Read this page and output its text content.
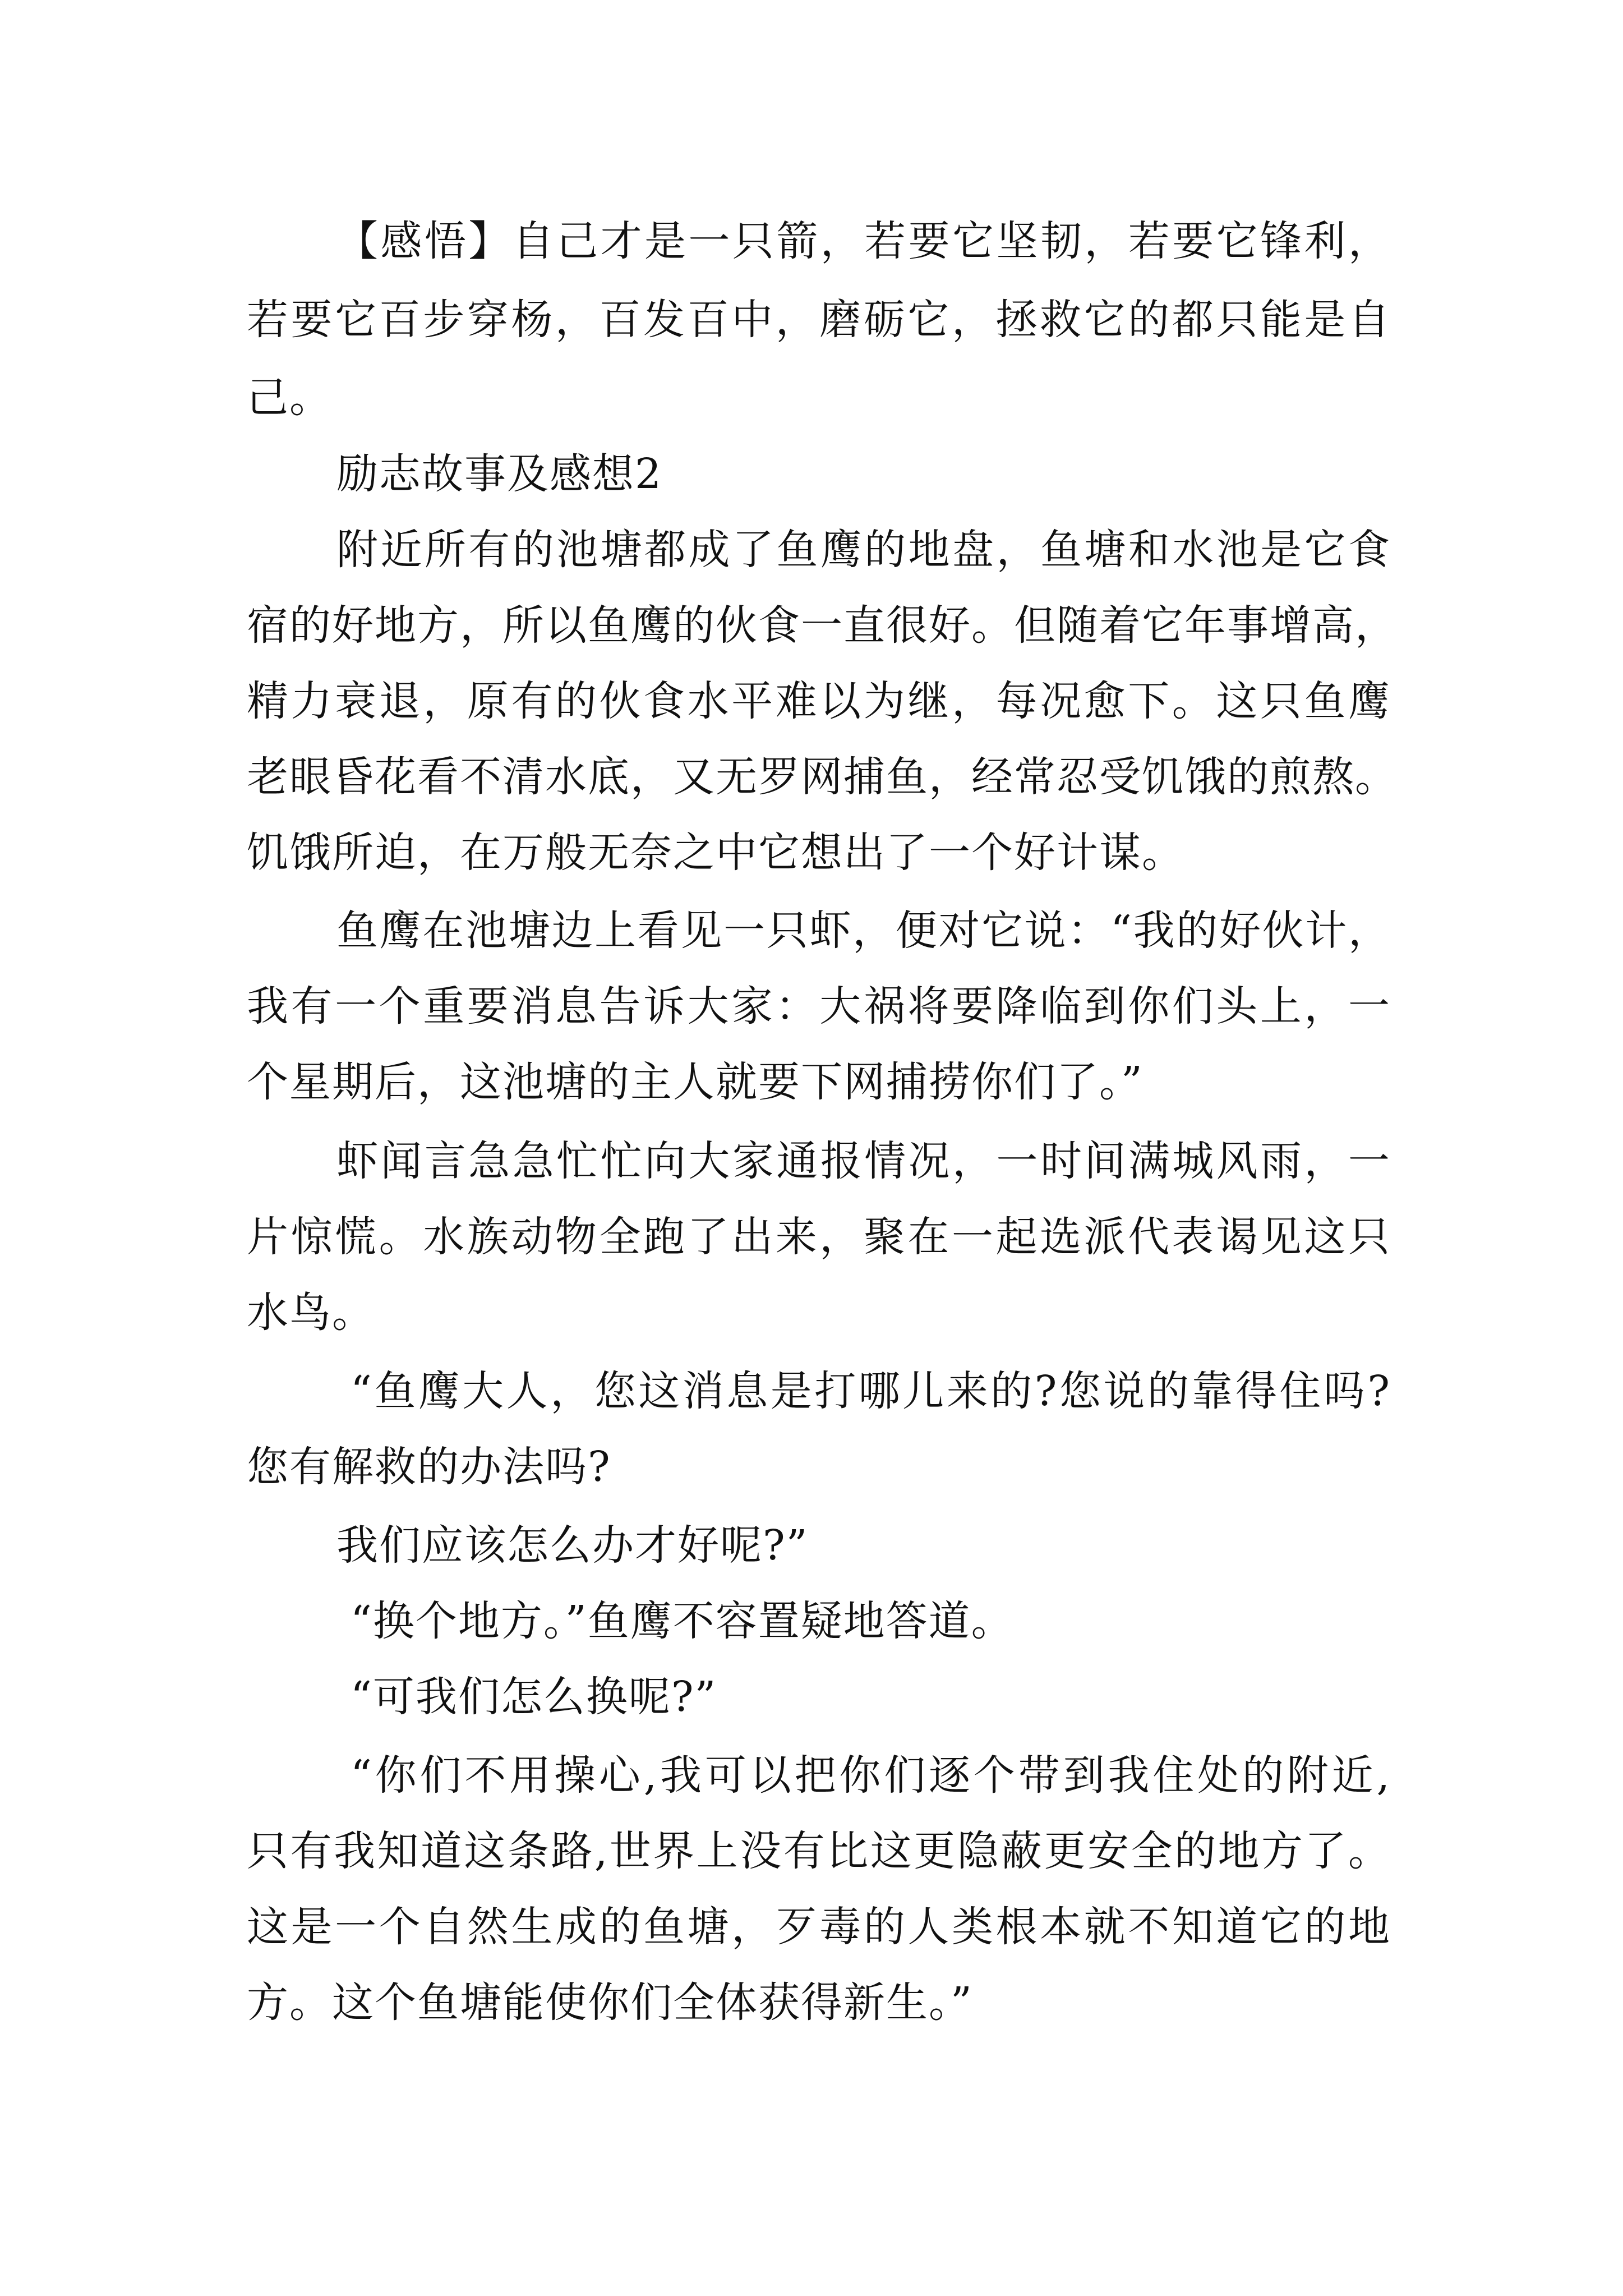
【感悟】自己才是一只箭，若要它坚韧，若要它锋利，
若要它百步穿杨，百发百中，磨砺它，拯救它的都只能是自
己。
励志故事及感想2
附近所有的池塘都成了鱼鹰的地盘，鱼塘和水池是它食
宿的好地方，所以鱼鹰的伙食一直很好。但随着它年事增高，
精力衰退，原有的伙食水平难以为继，每况愈下。这只鱼鹰
老眼昏花看不清水底，又无罗网捕鱼，经常忍受饥饿的煎熬。
饥饿所迫，在万般无奈之中它想出了一个好计谋。
鱼鹰在池塘边上看见一只虾，便对它说：“我的好伙计，
我有一个重要消息告诉大家：大祸将要降临到你们头上，一
个星期后，这池塘的主人就要下网捕捞你们了。”
虾闻言急急忙忙向大家通报情况，一时间满城风雨，一
片惊慌。水族动物全跑了出来，聚在一起选派代表谒见这只
水鸟。
“鱼鹰大人，您这消息是打哪儿来的?您说的靠得住吗?
您有解救的办法吗?
我们应该怎么办才好呢?”
“换个地方。”鱼鹰不容置疑地答道。
“可我们怎么换呢?”
“你们不用操心,我可以把你们逐个带到我住处的附近,
只有我知道这条路,世界上没有比这更隐蔽更安全的地方了。
这是一个自然生成的鱼塘，歹毒的人类根本就不知道它的地
方。这个鱼塘能使你们全体获得新生。”
